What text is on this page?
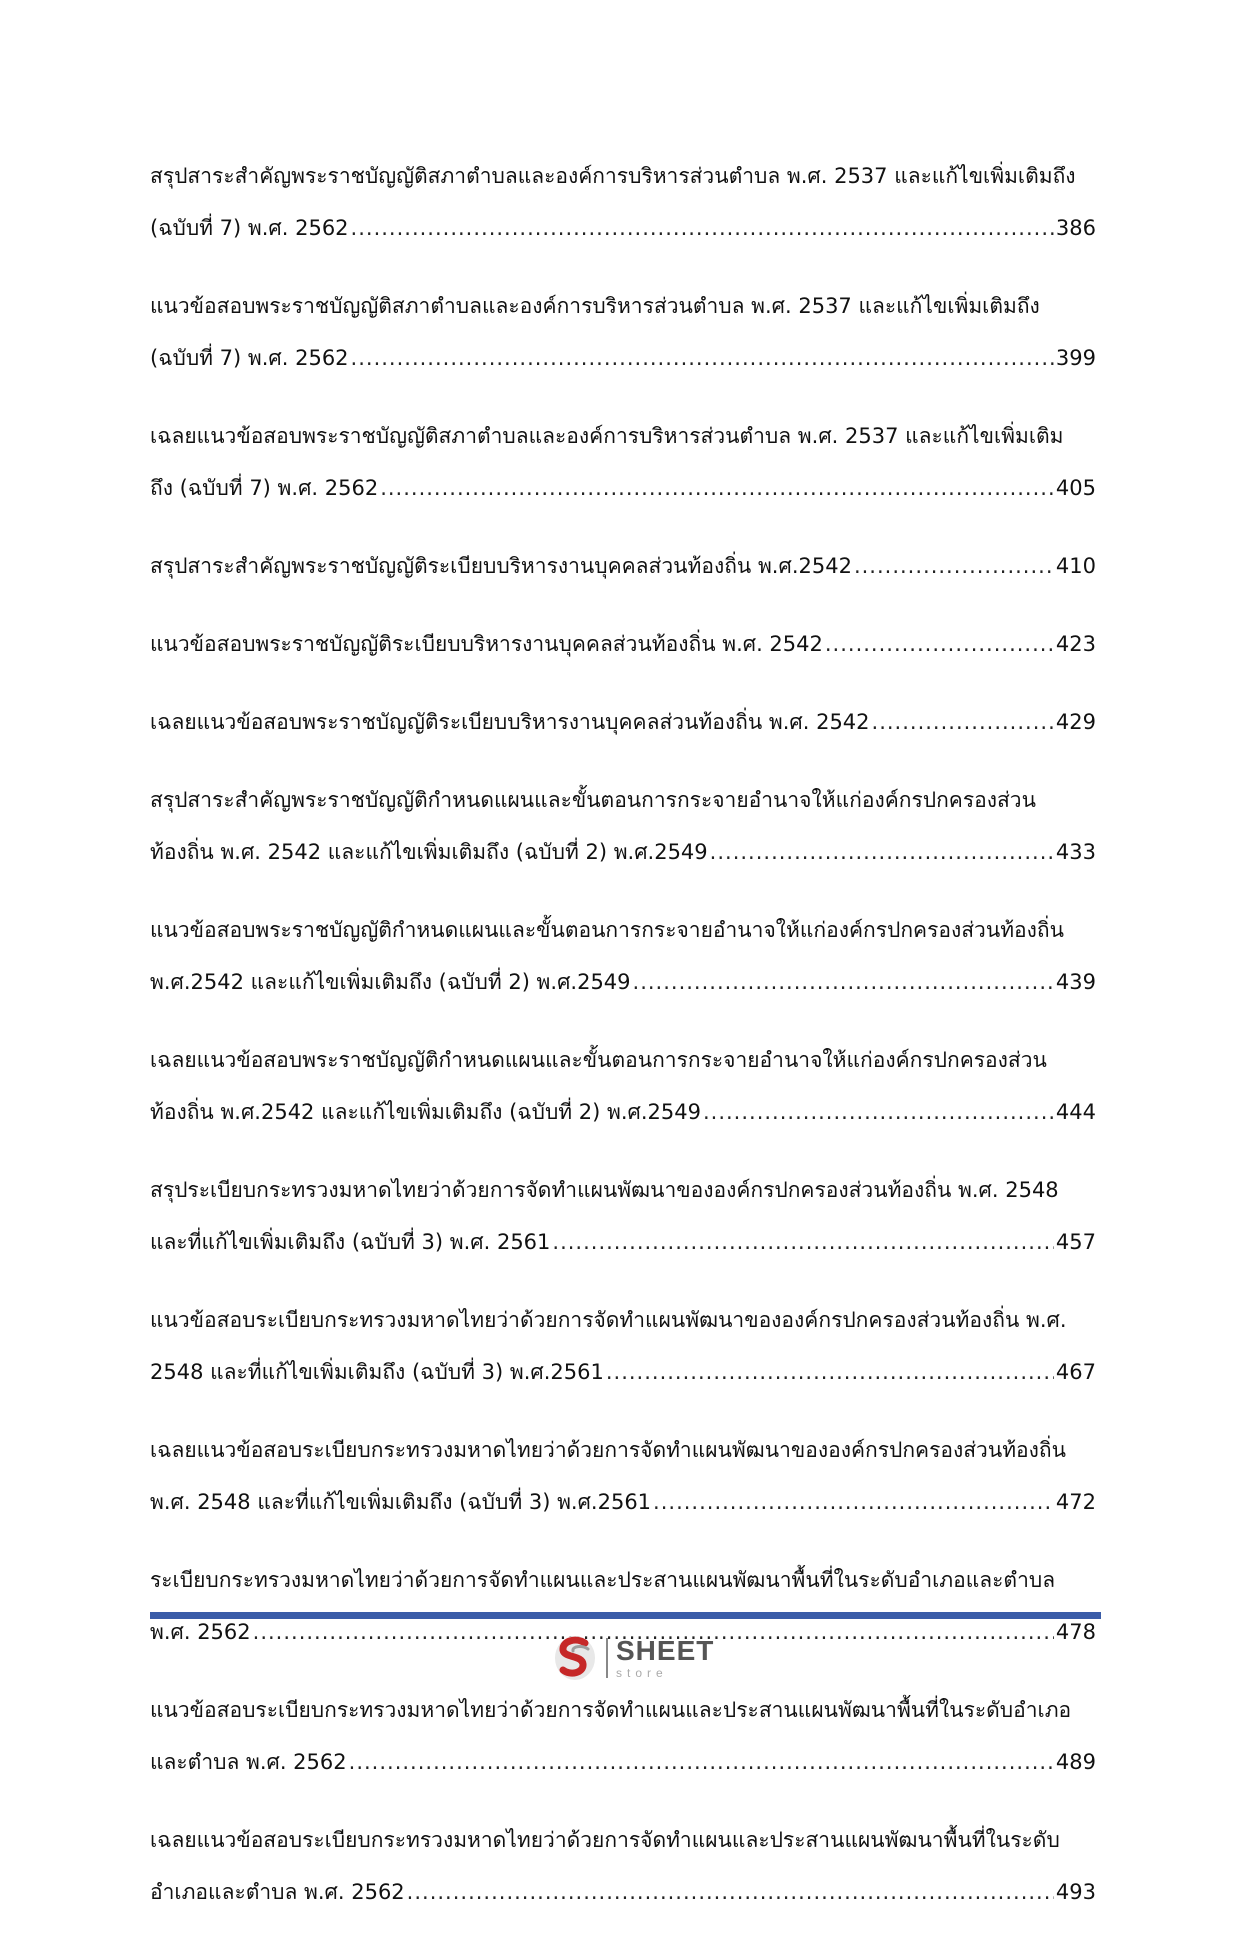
สรุปสาระสำคัญพระราชบัญญัติสภาตำบลและองค์การบริหารส่วนตำบล พ.ศ. 2537 และแก้ไขเพิ่มเติมถึง
(ฉบับที่ 7) พ.ศ. 2562 .....	386
แนวข้อสอบพระราชบัญญัติสภาตำบลและองค์การบริหารส่วนตำบล พ.ศ. 2537 และแก้ไขเพิ่มเติมถึง
(ฉบับที่ 7) พ.ศ. 2562 .....	399
เฉลยแนวข้อสอบพระราชบัญญัติสภาตำบลและองค์การบริหารส่วนตำบล พ.ศ. 2537 และแก้ไขเพิ่มเติม
ถึง (ฉบับที่ 7) พ.ศ. 2562 .....	405
สรุปสาระสำคัญพระราชบัญญัติระเบียบบริหารงานบุคคลส่วนท้องถิ่น พ.ศ.2542 .....	410
แนวข้อสอบพระราชบัญญัติระเบียบบริหารงานบุคคลส่วนท้องถิ่น พ.ศ. 2542 .....	423
เฉลยแนวข้อสอบพระราชบัญญัติระเบียบบริหารงานบุคคลส่วนท้องถิ่น พ.ศ. 2542 .....	429
สรุปสาระสำคัญพระราชบัญญัติกำหนดแผนและขั้นตอนการกระจายอำนาจให้แก่องค์กรปกครองส่วน
ท้องถิ่น พ.ศ. 2542 และแก้ไขเพิ่มเติมถึง (ฉบับที่ 2) พ.ศ.2549 .....	433
แนวข้อสอบพระราชบัญญัติกำหนดแผนและขั้นตอนการกระจายอำนาจให้แก่องค์กรปกครองส่วนท้องถิ่น
พ.ศ.2542 และแก้ไขเพิ่มเติมถึง (ฉบับที่ 2) พ.ศ.2549 .....	439
เฉลยแนวข้อสอบพระราชบัญญัติกำหนดแผนและขั้นตอนการกระจายอำนาจให้แก่องค์กรปกครองส่วน
ท้องถิ่น พ.ศ.2542 และแก้ไขเพิ่มเติมถึง (ฉบับที่ 2) พ.ศ.2549 .....	444
สรุประเบียบกระทรวงมหาดไทยว่าด้วยการจัดทำแผนพัฒนาขององค์กรปกครองส่วนท้องถิ่น พ.ศ. 2548
และที่แก้ไขเพิ่มเติมถึง (ฉบับที่ 3) พ.ศ. 2561 .....	457
แนวข้อสอบระเบียบกระทรวงมหาดไทยว่าด้วยการจัดทำแผนพัฒนาขององค์กรปกครองส่วนท้องถิ่น พ.ศ.
2548 และที่แก้ไขเพิ่มเติมถึง (ฉบับที่ 3) พ.ศ.2561 .....	467
เฉลยแนวข้อสอบระเบียบกระทรวงมหาดไทยว่าด้วยการจัดทำแผนพัฒนาขององค์กรปกครองส่วนท้องถิ่น
พ.ศ. 2548 และที่แก้ไขเพิ่มเติมถึง (ฉบับที่ 3) พ.ศ.2561 .....	472
ระเบียบกระทรวงมหาดไทยว่าด้วยการจัดทำแผนและประสานแผนพัฒนาพื้นที่ในระดับอำเภอและตำบล
พ.ศ. 2562 .....	478
แนวข้อสอบระเบียบกระทรวงมหาดไทยว่าด้วยการจัดทำแผนและประสานแผนพัฒนาพื้นที่ในระดับอำเภอ
และตำบล พ.ศ. 2562 .....	489
เฉลยแนวข้อสอบระเบียบกระทรวงมหาดไทยว่าด้วยการจัดทำแผนและประสานแผนพัฒนาพื้นที่ในระดับ
อำเภอและตำบล พ.ศ. 2562 .....	493
SHEET
store
